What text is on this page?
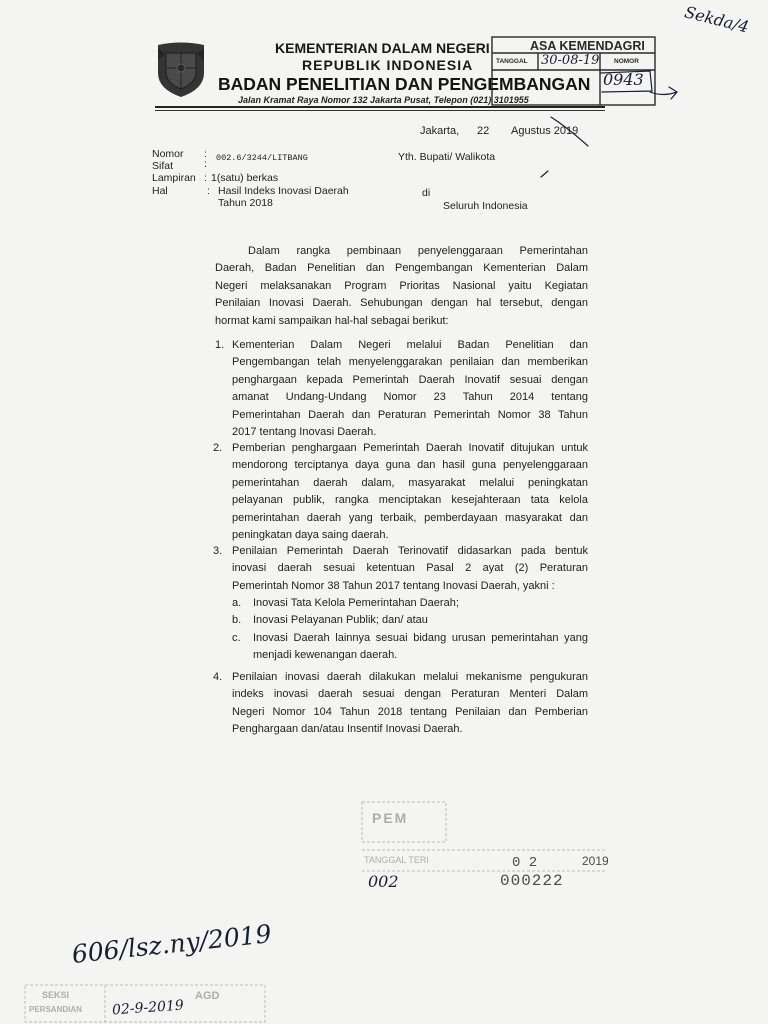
Sekda/4
KEMENTERIAN DALAM NEGERI
REPUBLIK INDONESIA
BADAN PENELITIAN DAN PENGEMBANGAN
Jalan Kramat Raya Nomor 132 Jakarta Pusat, Telepon (021) 3101955
ASA KEMENDAGRI
TANGGAL 30-08-19 NOMOR
0943
Jakarta, 22 Agustus 2019
Nomor : 002.6/3244/LITBANG
Sifat	:
Lampiran : 1(satu) berkas
Hal	: Hasil Indeks Inovasi Daerah
Tahun 2018
Yth. Bupati/ Walikota
di
Seluruh Indonesia
Dalam rangka pembinaan penyelenggaraan Pemerintahan
Daerah, Badan Penelitian dan Pengembangan Kementerian Dalam
Negeri melaksanakan Program Prioritas Nasional yaitu Kegiatan
Penilaian Inovasi Daerah. Sehubungan dengan hal tersebut, dengan
hormat kami sampaikan hal-hal sebagai berikut:
1. Kementerian Dalam Negeri melalui Badan Penelitian dan
Pengembangan telah menyelenggarakan penilaian dan memberikan
penghargaan kepada Pemerintah Daerah Inovatif sesuai dengan
amanat Undang-Undang Nomor 23 Tahun 2014 tentang
Pemerintahan Daerah dan Peraturan Pemerintah Nomor 38 Tahun
2017 tentang Inovasi Daerah.
2. Pemberian penghargaan Pemerintah Daerah Inovatif ditujukan untuk
mendorong terciptanya daya guna dan hasil guna penyelenggaraan
pemerintahan daerah dalam, masyarakat melalui peningkatan
pelayanan publik, rangka menciptakan kesejahteraan tata kelola
pemerintahan daerah yang terbaik, pemberdayaan masyarakat dan
peningkatan daya saing daerah.
3. Penilaian Pemerintah Daerah Terinovatif didasarkan pada bentuk
inovasi daerah sesuai ketentuan Pasal 2 ayat (2) Peraturan
Pemerintah Nomor 38 Tahun 2017 tentang Inovasi Daerah, yakni :
a. Inovasi Tata Kelola Pemerintahan Daerah;
b. Inovasi Pelayanan Publik; dan/ atau
c. Inovasi Daerah lainnya sesuai bidang urusan pemerintahan yang
menjadi kewenangan daerah.
4. Penilaian inovasi daerah dilakukan melalui mekanisme pengukuran
indeks inovasi daerah sesuai dengan Peraturan Menteri Dalam
Negeri Nomor 104 Tahun 2018 tentang Penilaian dan Pemberian
Penghargaan dan/atau Insentif Inovasi Daerah.
PEM
TANGGAL TERI	0 2	2019
002	000222
606/lsz.ny/2019
SEKSI
PERSANDIAN
AGD
02-9-2019
